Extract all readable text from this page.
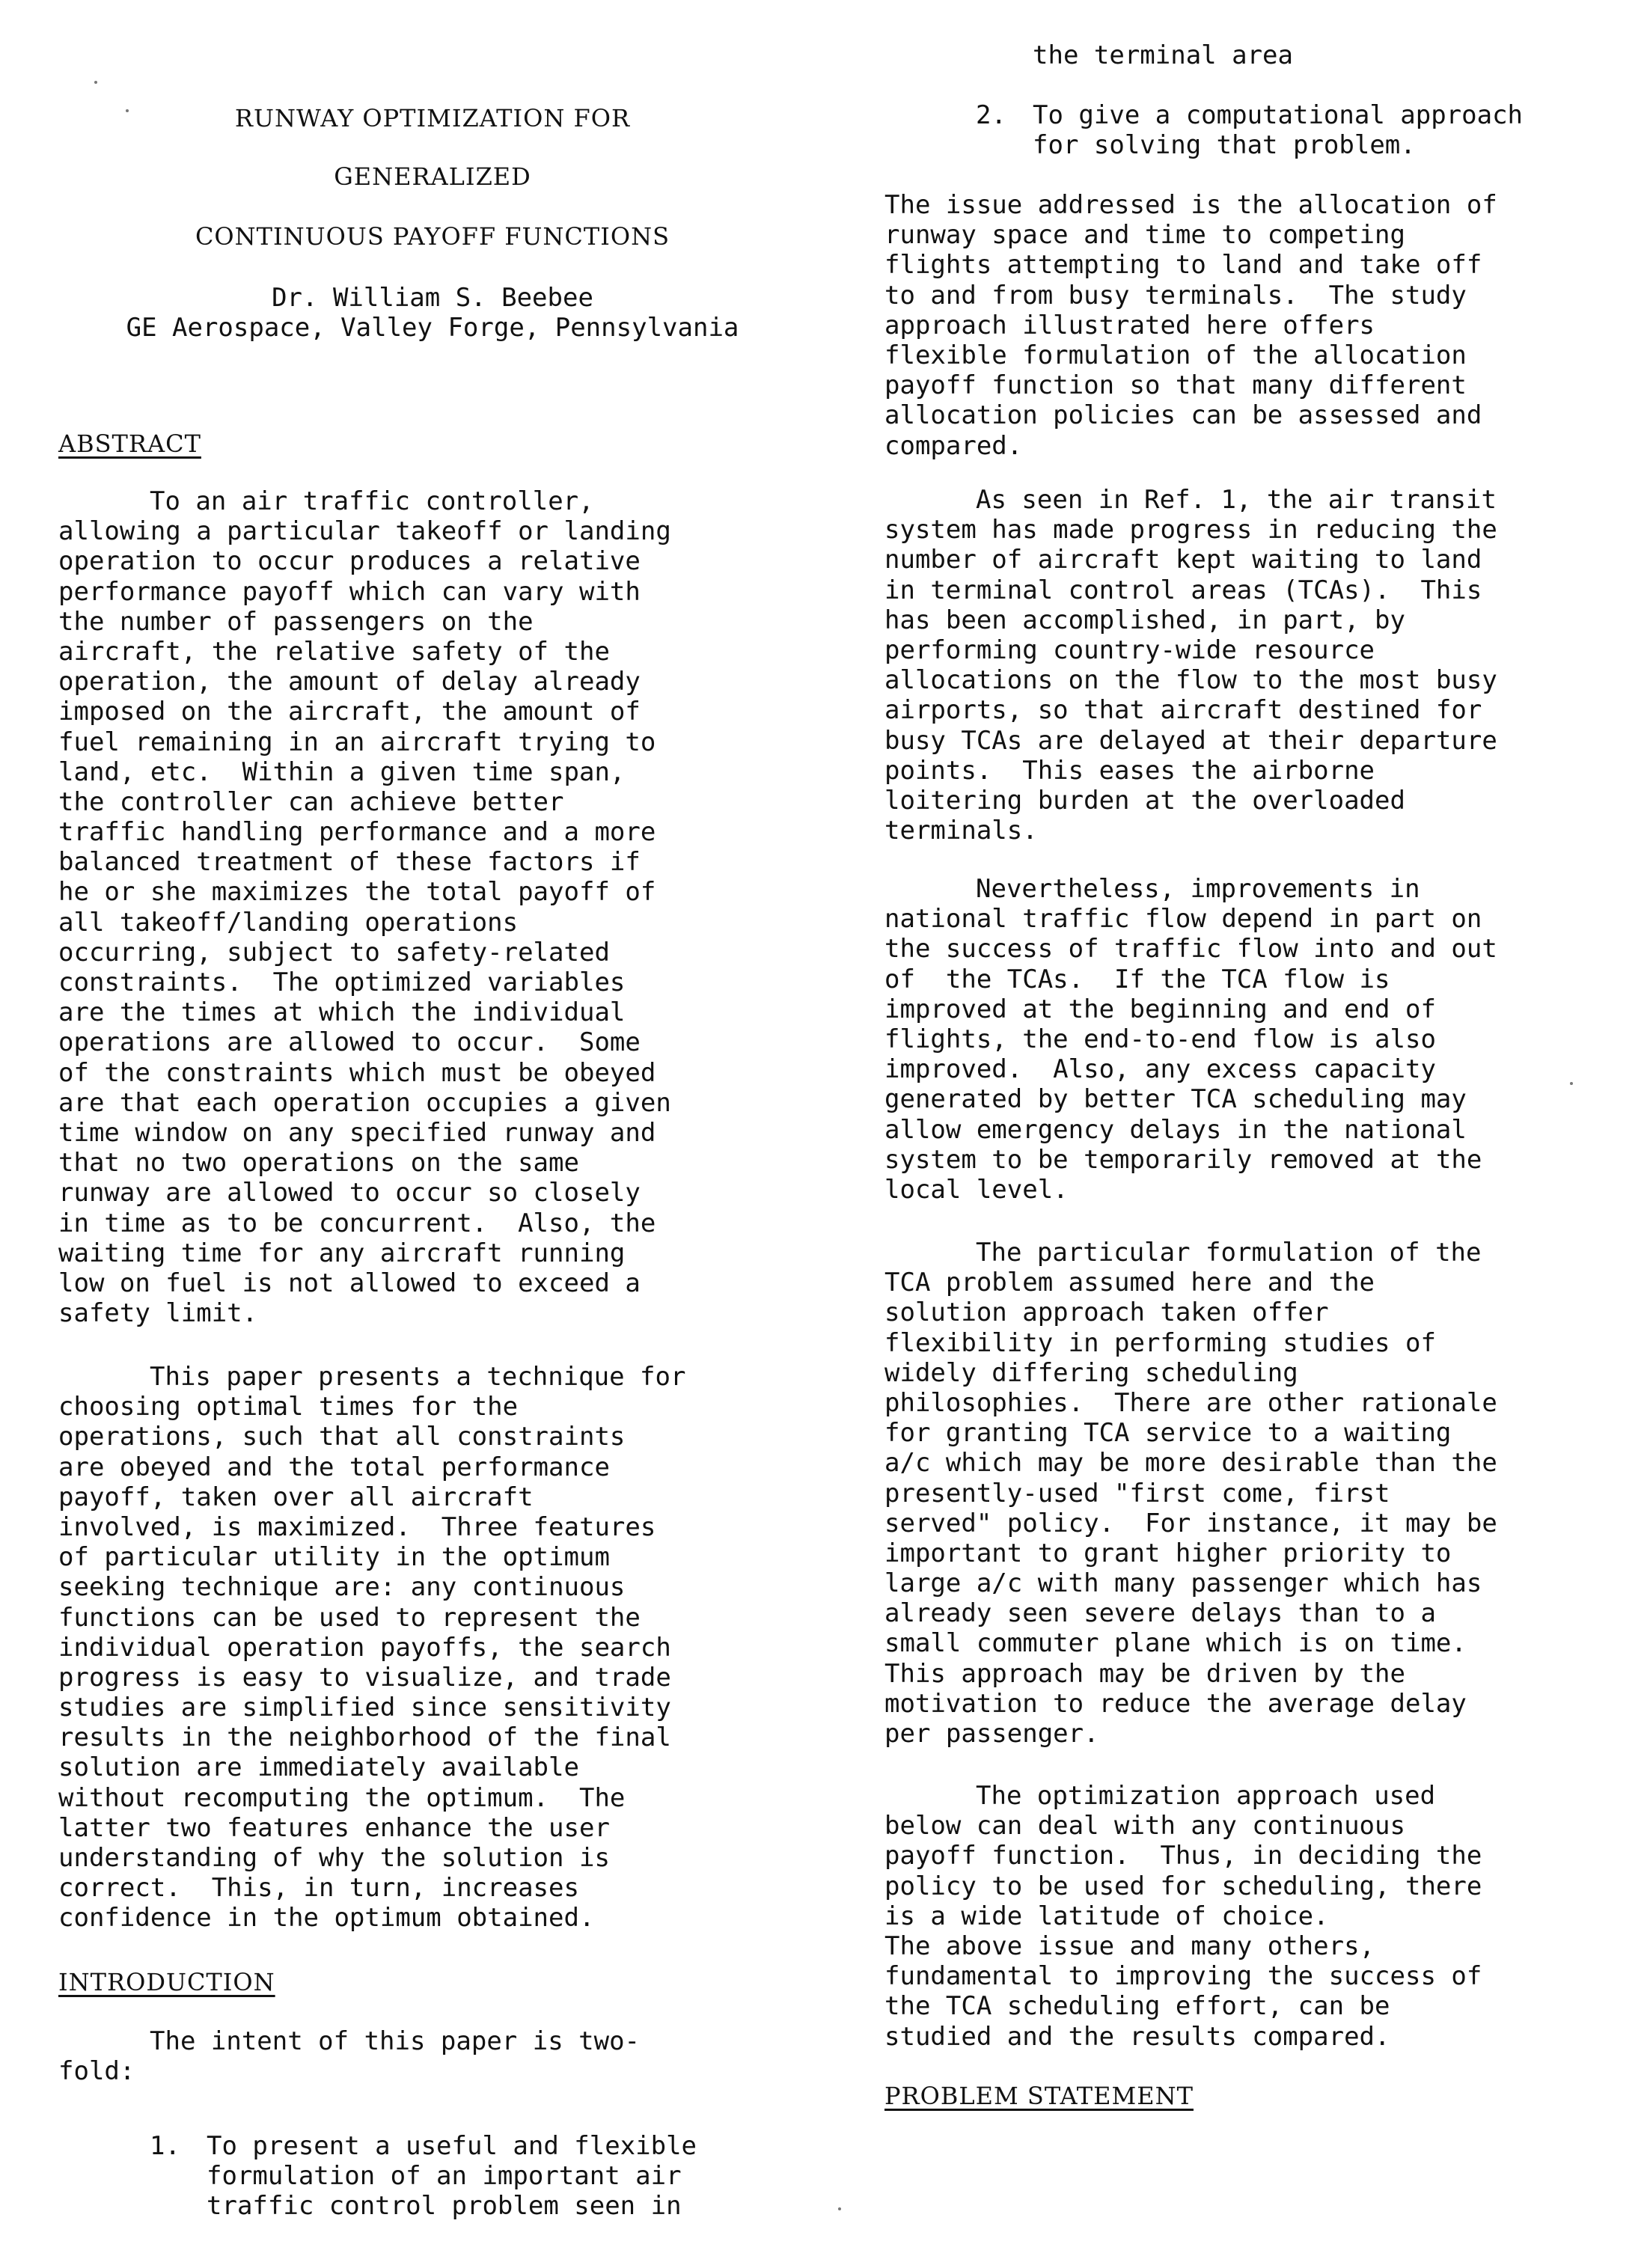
RUNWAY OPTIMIZATION FOR
GENERALIZED
CONTINUOUS PAYOFF FUNCTIONS
Dr. William S. Beebee
GE Aerospace, Valley Forge, Pennsylvania
ABSTRACT
To an air traffic controller,
allowing a particular takeoff or landing
operation to occur produces a relative
performance payoff which can vary with
the number of passengers on the
aircraft, the relative safety of the
operation, the amount of delay already
imposed on the aircraft, the amount of
fuel remaining in an aircraft trying to
land, etc.  Within a given time span,
the controller can achieve better
traffic handling performance and a more
balanced treatment of these factors if
he or she maximizes the total payoff of
all takeoff/landing operations
occurring, subject to safety-related
constraints.  The optimized variables
are the times at which the individual
operations are allowed to occur.  Some
of the constraints which must be obeyed
are that each operation occupies a given
time window on any specified runway and
that no two operations on the same
runway are allowed to occur so closely
in time as to be concurrent.  Also, the
waiting time for any aircraft running
low on fuel is not allowed to exceed a
safety limit.
This paper presents a technique for
choosing optimal times for the
operations, such that all constraints
are obeyed and the total performance
payoff, taken over all aircraft
involved, is maximized.  Three features
of particular utility in the optimum
seeking technique are: any continuous
functions can be used to represent the
individual operation payoffs, the search
progress is easy to visualize, and trade
studies are simplified since sensitivity
results in the neighborhood of the final
solution are immediately available
without recomputing the optimum.  The
latter two features enhance the user
understanding of why the solution is
correct.  This, in turn, increases
confidence in the optimum obtained.
INTRODUCTION
The intent of this paper is two-
fold:
1. To present a useful and flexible
formulation of an important air
traffic control problem seen in
the terminal area
2. To give a computational approach
for solving that problem.
The issue addressed is the allocation of
runway space and time to competing
flights attempting to land and take off
to and from busy terminals.  The study
approach illustrated here offers
flexible formulation of the allocation
payoff function so that many different
allocation policies can be assessed and
compared.
As seen in Ref. 1, the air transit
system has made progress in reducing the
number of aircraft kept waiting to land
in terminal control areas (TCAs).  This
has been accomplished, in part, by
performing country-wide resource
allocations on the flow to the most busy
airports, so that aircraft destined for
busy TCAs are delayed at their departure
points.  This eases the airborne
loitering burden at the overloaded
terminals.
Nevertheless, improvements in
national traffic flow depend in part on
the success of traffic flow into and out
of  the TCAs.  If the TCA flow is
improved at the beginning and end of
flights, the end-to-end flow is also
improved.  Also, any excess capacity
generated by better TCA scheduling may
allow emergency delays in the national
system to be temporarily removed at the
local level.
The particular formulation of the
TCA problem assumed here and the
solution approach taken offer
flexibility in performing studies of
widely differing scheduling
philosophies.  There are other rationale
for granting TCA service to a waiting
a/c which may be more desirable than the
presently-used "first come, first
served" policy.  For instance, it may be
important to grant higher priority to
large a/c with many passenger which has
already seen severe delays than to a
small commuter plane which is on time.
This approach may be driven by the
motivation to reduce the average delay
per passenger.
The optimization approach used
below can deal with any continuous
payoff function.  Thus, in deciding the
policy to be used for scheduling, there
is a wide latitude of choice.
The above issue and many others,
fundamental to improving the success of
the TCA scheduling effort, can be
studied and the results compared.
PROBLEM STATEMENT
